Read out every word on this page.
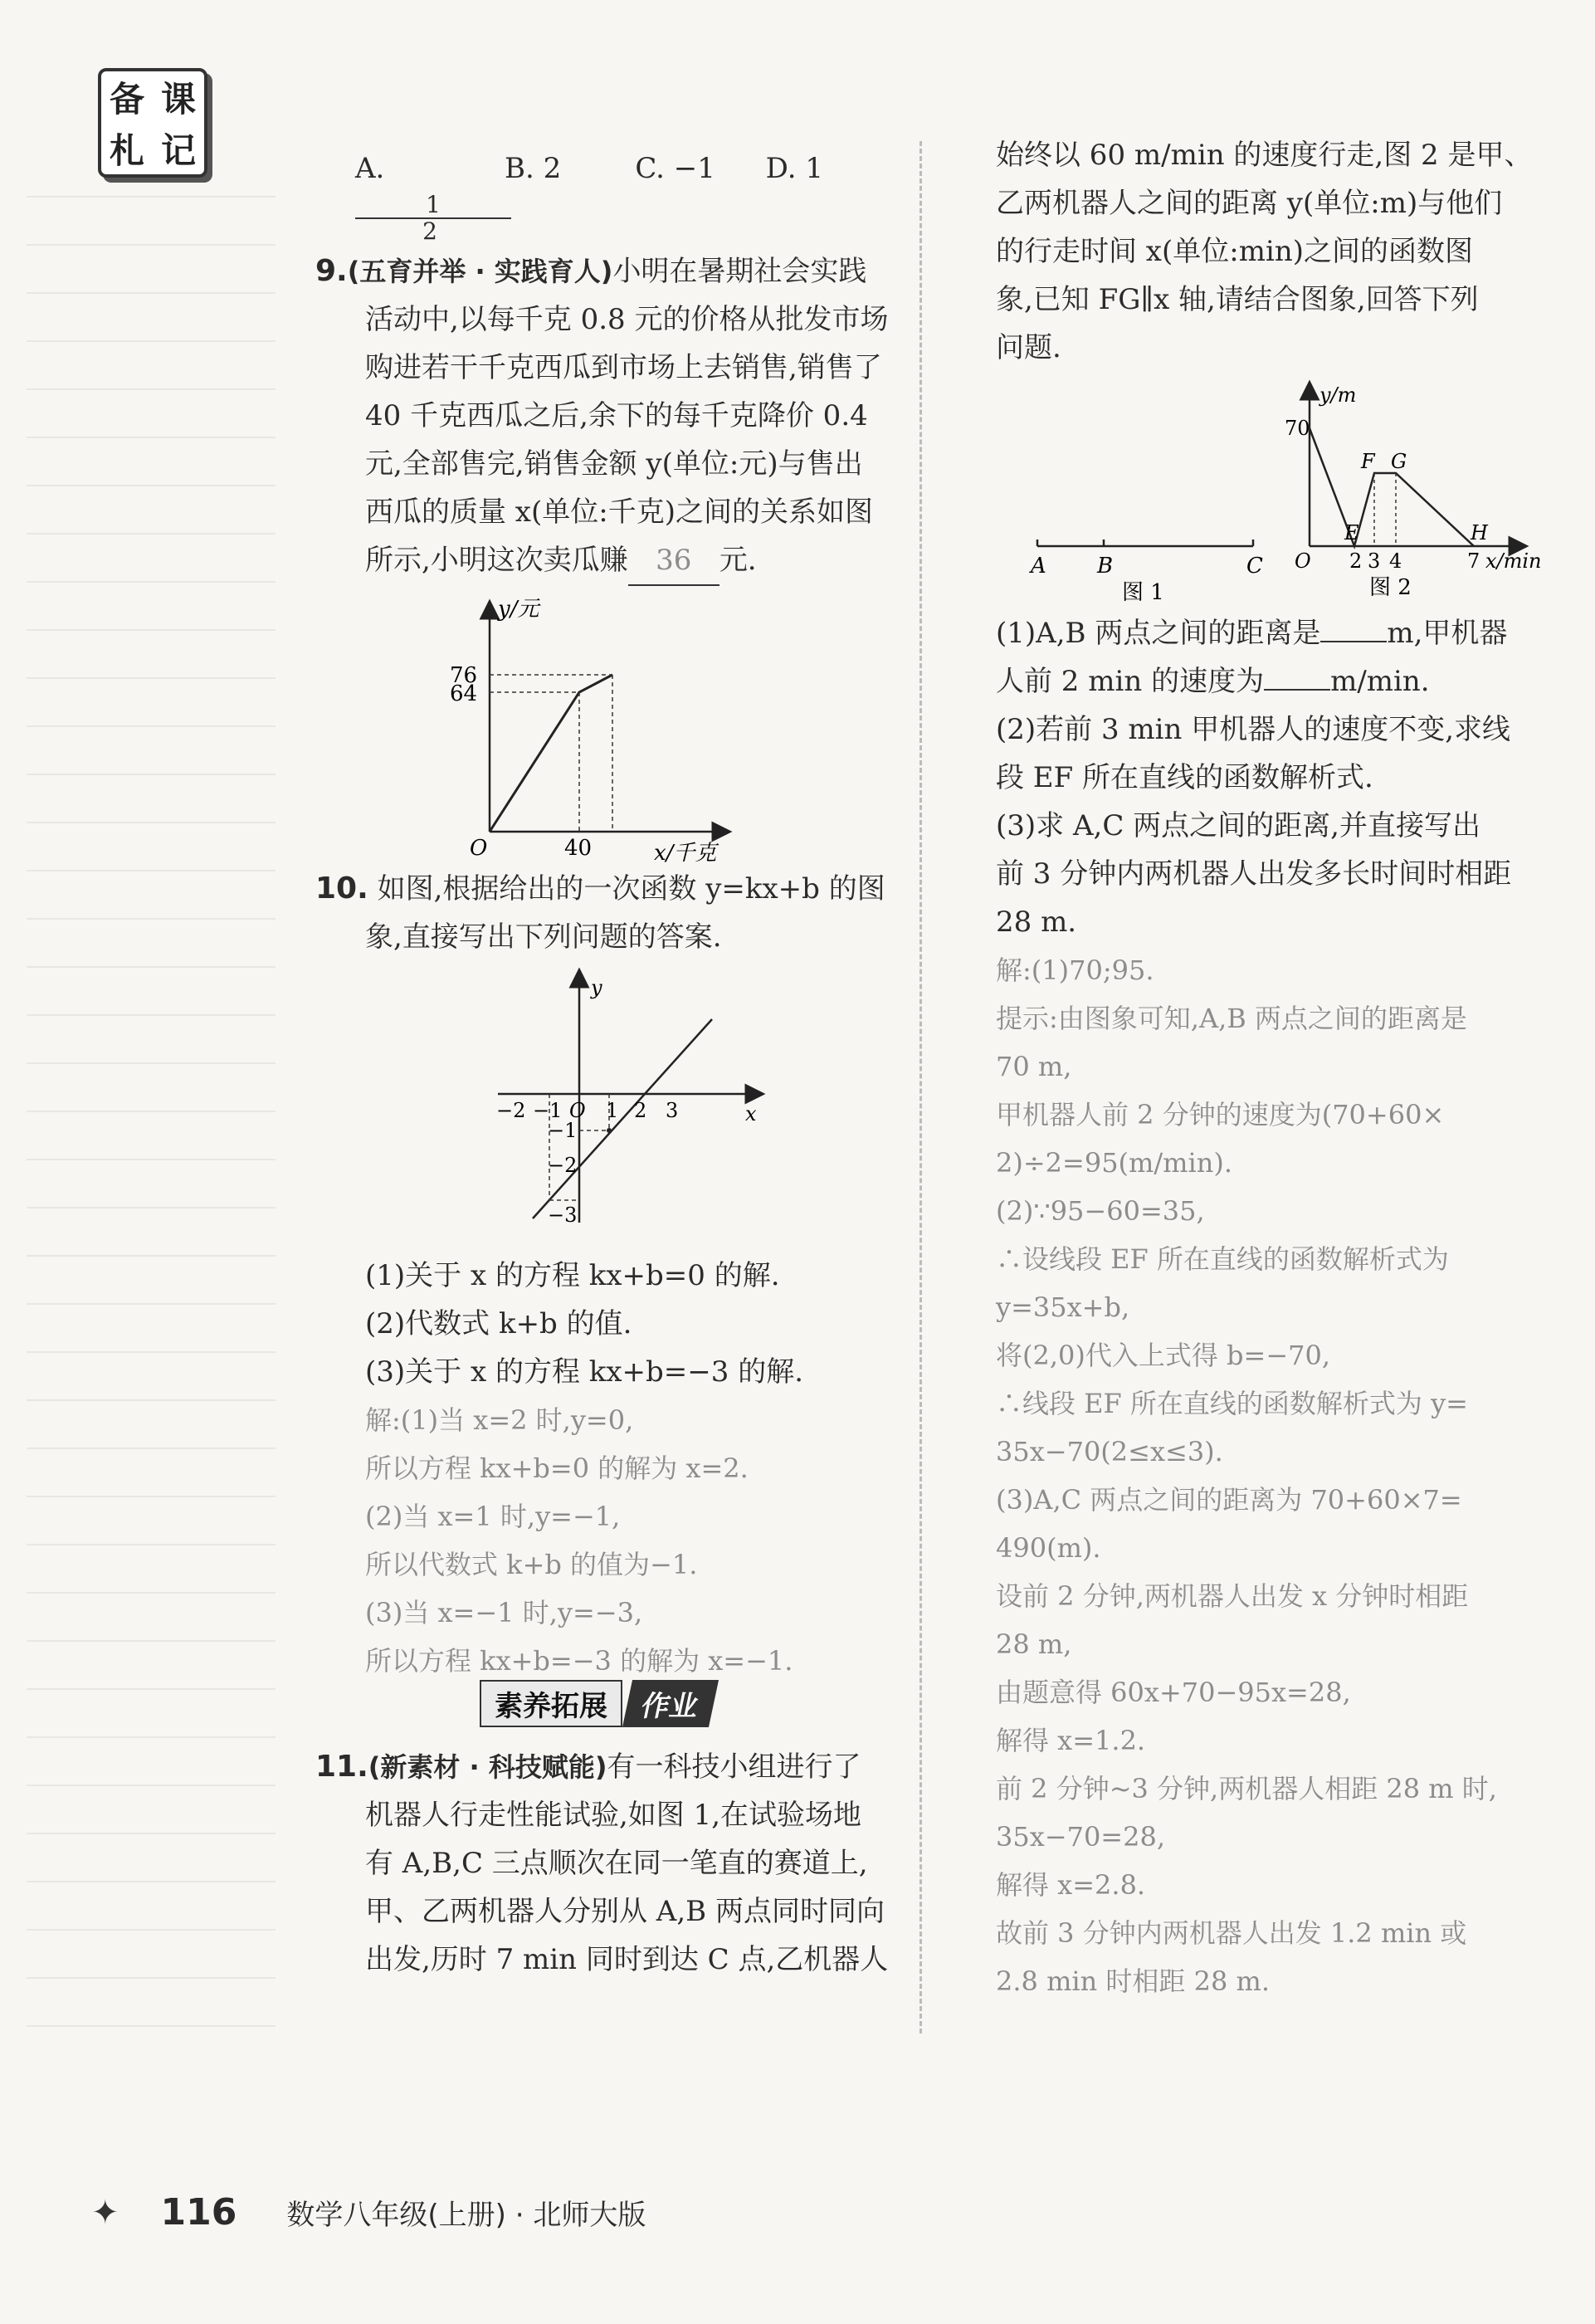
备 课
札 记	A.
$\frac{1}{2}$
B. 2	C. −1	D. 1

9.(五育并举 · 实践育人)小明在暑期社会实践

活动中,以每千克 0.8 元的价格从批发市场

购进若干千克西瓜到市场上去销售,销售了

40 千克西瓜之后,余下的每千克降价 0.4

元,全部售完,销售金额 y(单位:元)与售出

西瓜的质量 x(单位:千克)之间的关系如图

所示,小明这次卖瓜赚 36 元.

y/元
76
64
O	40	x/千克

10. 如图,根据给出的一次函数 y=kx+b 的图

象,直接写出下列问题的答案.

y
x
−2 −1 O 1 2 3
−1
−2
−3

(1)关于 x 的方程 kx+b=0 的解.

(2)代数式 k+b 的值.

(3)关于 x 的方程 kx+b=−3 的解.

解:(1)当 x=2 时,y=0,

所以方程 kx+b=0 的解为 x=2.

(2)当 x=1 时,y=−1,

所以代数式 k+b 的值为−1.

(3)当 x=−1 时,y=−3,

所以方程 kx+b=−3 的解为 x=−1.

素养拓展	作业

11.(新素材 · 科技赋能)有一科技小组进行了

机器人行走性能试验,如图 1,在试验场地

有 A,B,C 三点顺次在同一笔直的赛道上,

甲、乙两机器人分别从 A,B 两点同时同向

出发,历时 7 min 同时到达 C 点,乙机器人

始终以 60 m/min 的速度行走,图 2 是甲、

乙两机器人之间的距离 y(单位:m)与他们

的行走时间 x(单位:min)之间的函数图

象,已知 FG∥x 轴,请结合图象,回答下列

问题.

A B	C
图 1
y/m
70
F G
E	H
O 2 3 4	7 x/min
图 2

(1)A,B 两点之间的距离是 m,甲机器

人前 2 min 的速度为 m/min.

(2)若前 3 min 甲机器人的速度不变,求线

段 EF 所在直线的函数解析式.

(3)求 A,C 两点之间的距离,并直接写出

前 3 分钟内两机器人出发多长时间时相距

28 m.

解:(1)70;95.

提示:由图象可知,A,B 两点之间的距离是

70 m,

甲机器人前 2 分钟的速度为(70+60×

2)÷2=95(m/min).

(2)∵95−60=35,

∴设线段 EF 所在直线的函数解析式为

y=35x+b,

将(2,0)代入上式得 b=−70,

∴线段 EF 所在直线的函数解析式为 y=

35x−70(2≤x≤3).

(3)A,C 两点之间的距离为 70+60×7=

490(m).

设前 2 分钟,两机器人出发 x 分钟时相距

28 m,

由题意得 60x+70−95x=28,

解得 x=1.2.

前 2 分钟~3 分钟,两机器人相距 28 m 时,

35x−70=28,

解得 x=2.8.

故前 3 分钟内两机器人出发 1.2 min 或

2.8 min 时相距 28 m.

✦ 116 数学八年级(上册) · 北师大版
